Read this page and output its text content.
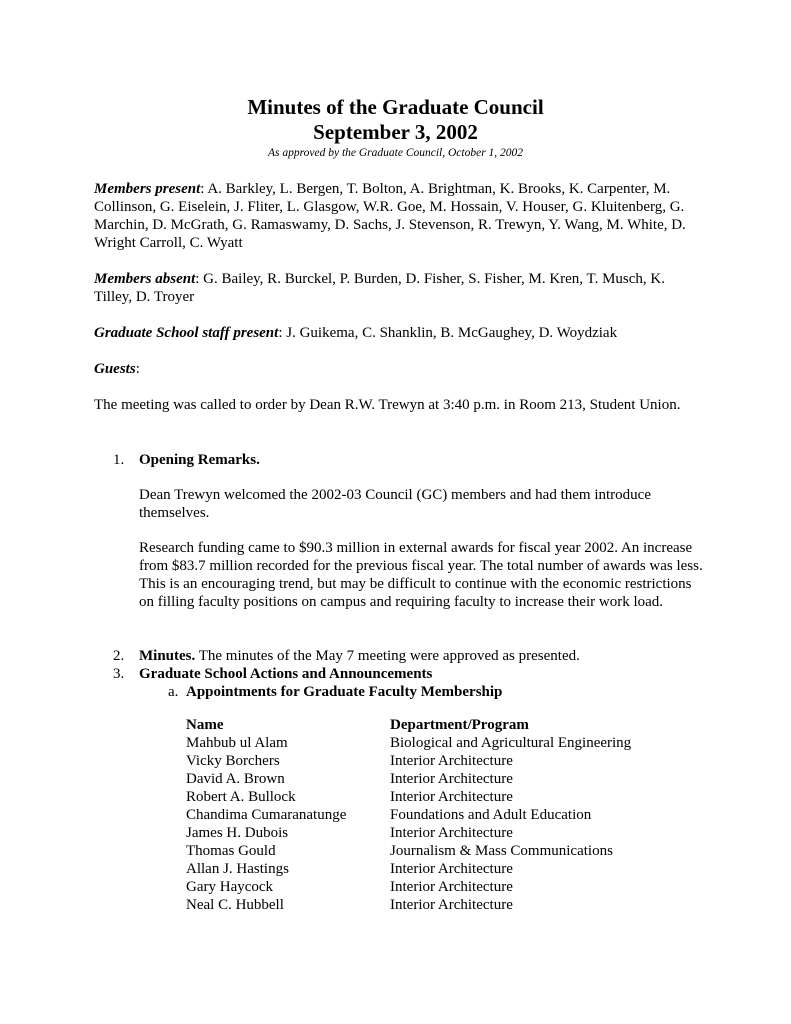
Minutes of the Graduate Council
September 3, 2002
As approved by the Graduate Council, October 1, 2002
Members present: A. Barkley, L. Bergen, T. Bolton, A. Brightman, K. Brooks, K. Carpenter, M. Collinson, G. Eiselein, J. Fliter, L. Glasgow, W.R. Goe, M. Hossain, V. Houser, G. Kluitenberg, G. Marchin, D. McGrath, G. Ramaswamy, D. Sachs, J. Stevenson, R. Trewyn, Y. Wang, M. White, D. Wright Carroll, C. Wyatt
Members absent: G. Bailey, R. Burckel, P. Burden, D. Fisher, S. Fisher, M. Kren, T. Musch, K. Tilley, D. Troyer
Graduate School staff present: J. Guikema, C. Shanklin, B. McGaughey, D. Woydziak
Guests:
The meeting was called to order by Dean R.W. Trewyn at 3:40 p.m. in Room 213, Student Union.
1. Opening Remarks.
Dean Trewyn welcomed the 2002-03 Council (GC) members and had them introduce themselves.
Research funding came to $90.3 million in external awards for fiscal year 2002. An increase from $83.7 million recorded for the previous fiscal year. The total number of awards was less. This is an encouraging trend, but may be difficult to continue with the economic restrictions on filling faculty positions on campus and requiring faculty to increase their work load.
2. Minutes. The minutes of the May 7 meeting were approved as presented.
3. Graduate School Actions and Announcements
a. Appointments for Graduate Faculty Membership
Name	Department/Program
Mahbub ul Alam	Biological and Agricultural Engineering
Vicky Borchers	Interior Architecture
David A. Brown	Interior Architecture
Robert A. Bullock	Interior Architecture
Chandima Cumaranatunge	Foundations and Adult Education
James H. Dubois	Interior Architecture
Thomas Gould	Journalism & Mass Communications
Allan J. Hastings	Interior Architecture
Gary Haycock	Interior Architecture
Neal C. Hubbell	Interior Architecture
